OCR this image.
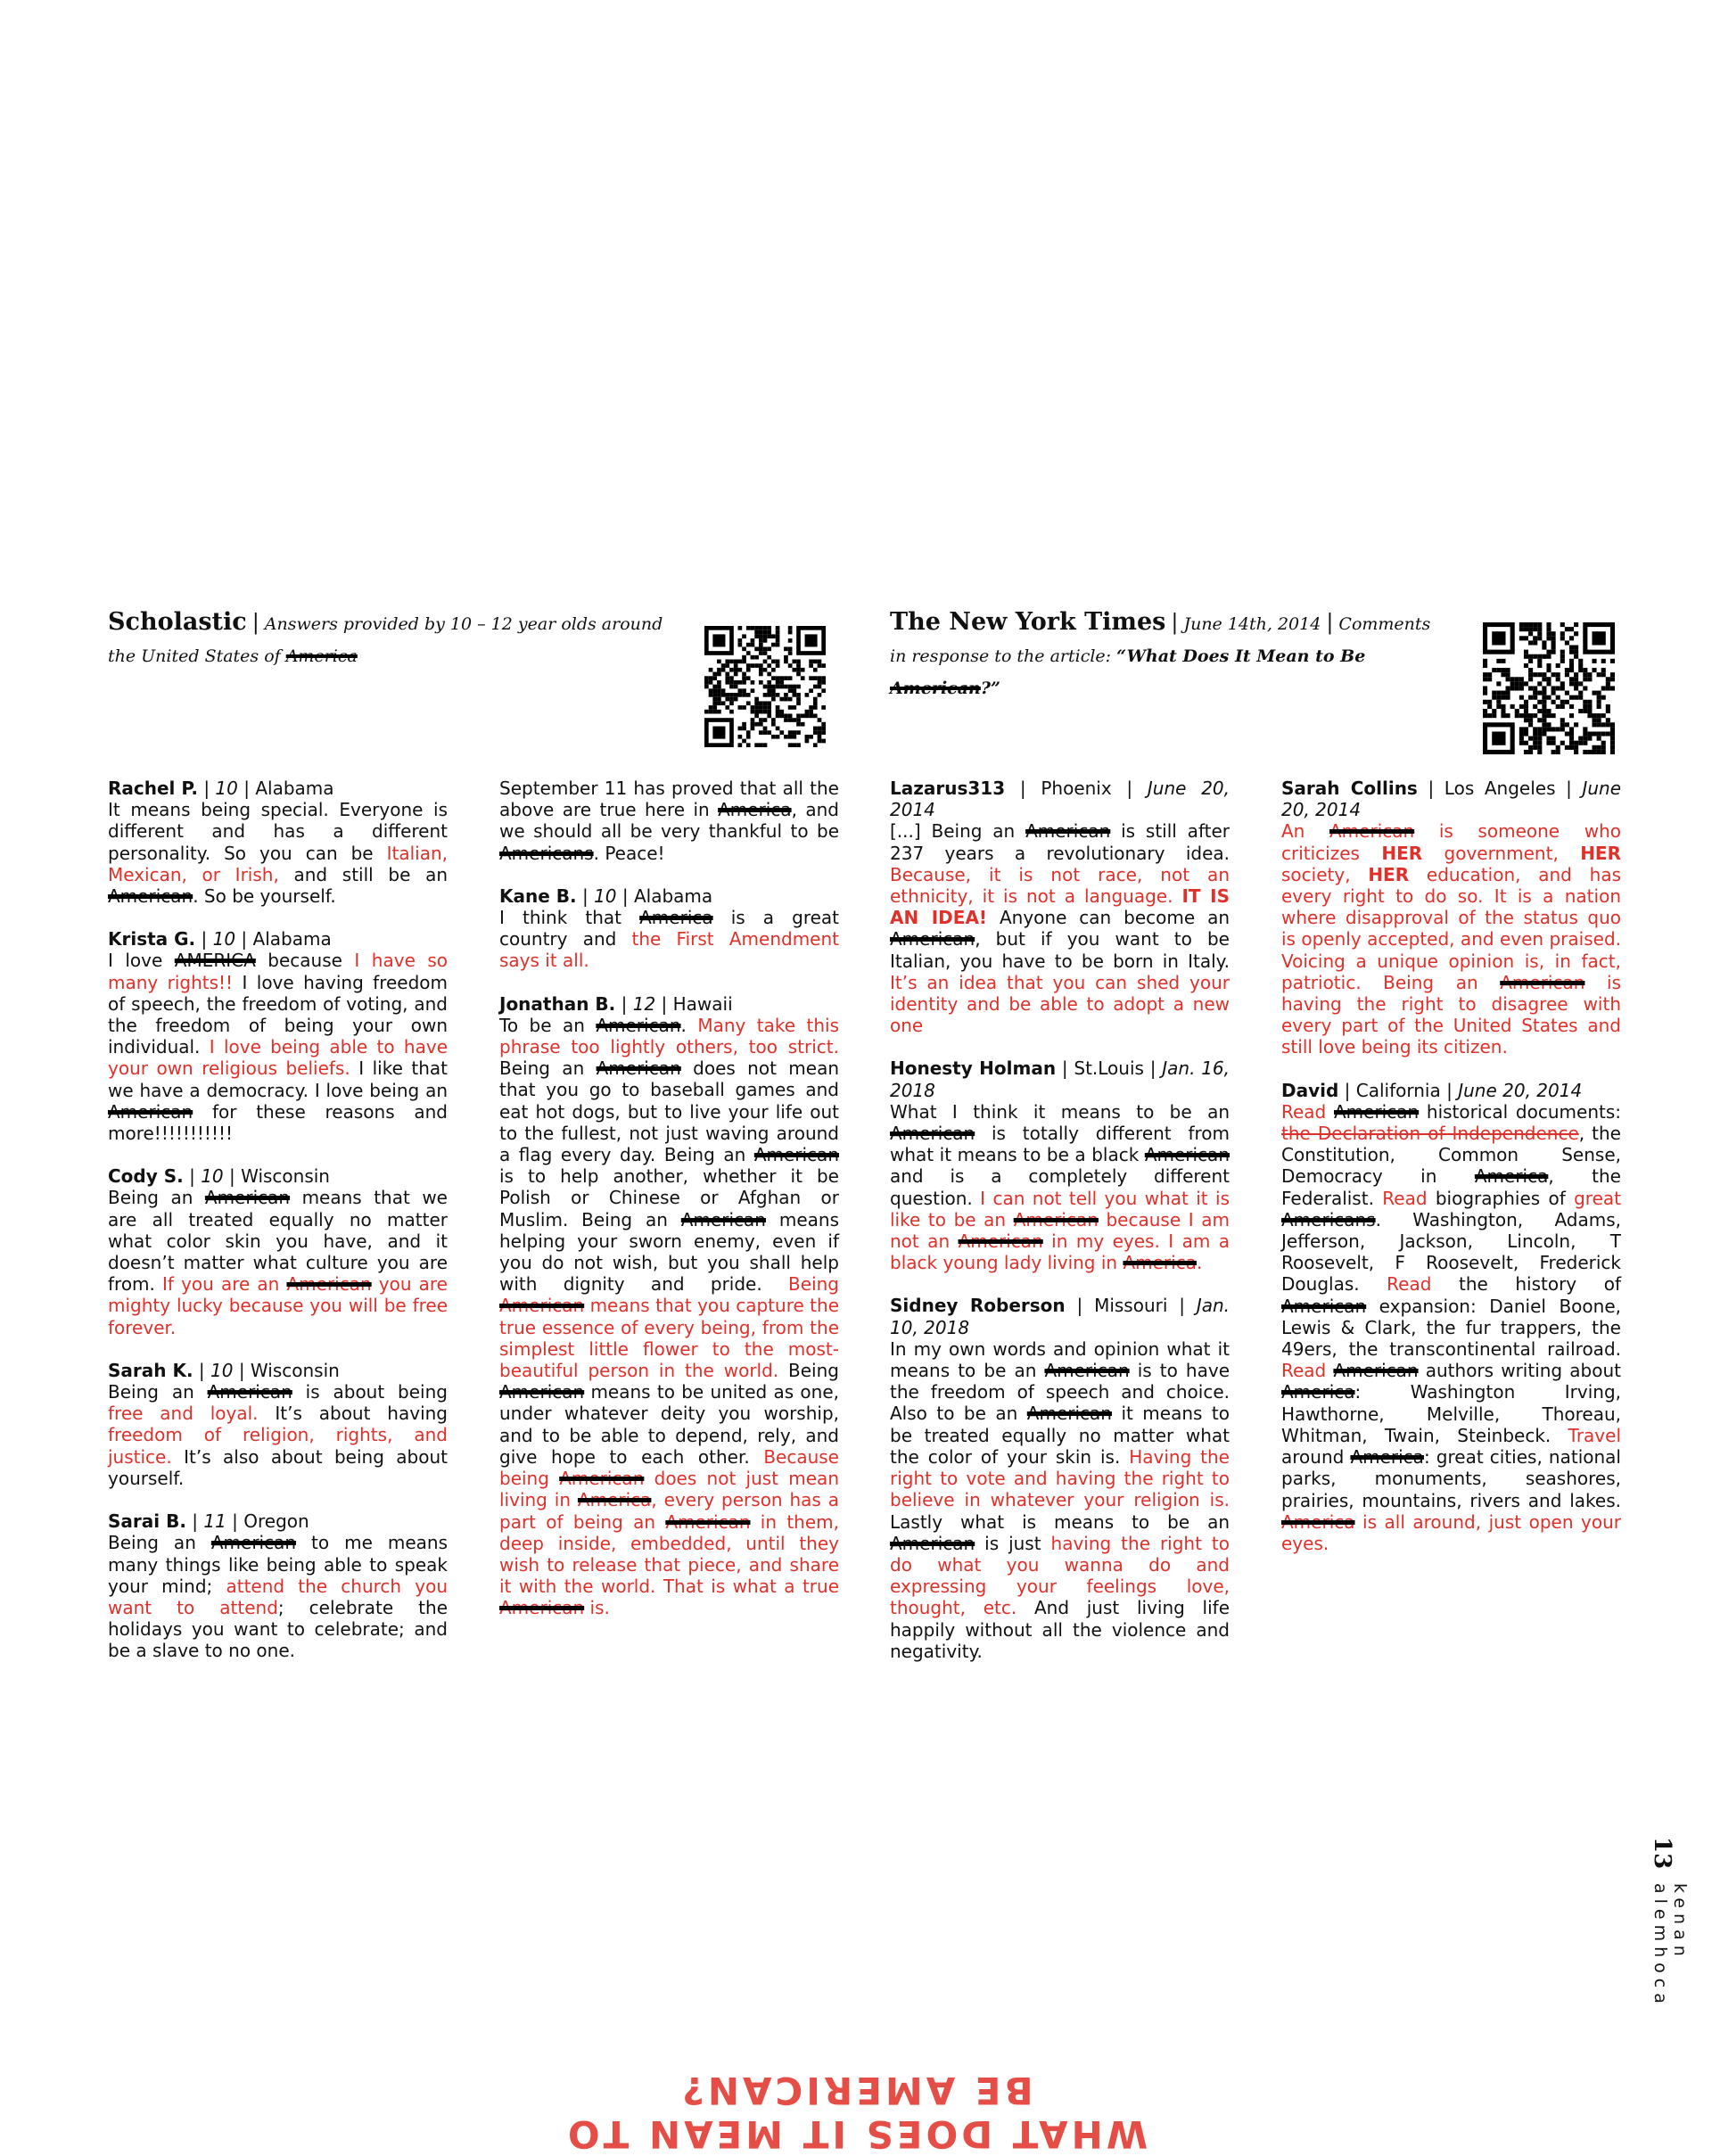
Scholastic | Answers provided by 10 – 12 year olds around the United States of America
The New York Times | June 14th, 2014 | Comments in response to the article: “What Does It Mean to Be American?”
Rachel P. | 10 | Alabama
It means being special. Everyone is different and has a different personality. So you can be Italian, Mexican, or Irish, and still be an American. So be yourself.
Krista G. | 10 | Alabama
I love AMERICA because I have so many rights!! I love having freedom of speech, the freedom of voting, and the freedom of being your own individual. I love being able to have your own religious beliefs. I like that we have a democracy. I love being an American for these reasons and more!!!!!!!!!!!
Cody S. | 10 | Wisconsin
Being an American means that we are all treated equally no matter what color skin you have, and it doesn’t matter what culture you are from. If you are an American you are mighty lucky because you will be free forever.
Sarah K. | 10 | Wisconsin
Being an American is about being free and loyal. It’s about having freedom of religion, rights, and justice. It’s also about being about yourself.
Sarai B. | 11 | Oregon
Being an American to me means many things like being able to speak your mind; attend the church you want to attend; celebrate the holidays you want to celebrate; and be a slave to no one.
September 11 has proved that all the above are true here in America, and we should all be very thankful to be Americans. Peace!
Kane B. | 10 | Alabama
I think that America is a great country and the First Amendment says it all.
Jonathan B. | 12 | Hawaii
To be an American. Many take this phrase too lightly others, too strict. Being an American does not mean that you go to baseball games and eat hot dogs, but to live your life out to the fullest, not just waving around a flag every day. Being an American is to help another, whether it be Polish or Chinese or Afghan or Muslim. Being an American means helping your sworn enemy, even if you do not wish, but you shall help with dignity and pride. Being American means that you capture the true essence of every being, from the simplest little flower to the most-beautiful person in the world. Being American means to be united as one, under whatever deity you worship, and to be able to depend, rely, and give hope to each other. Because being American does not just mean living in America, every person has a part of being an American in them, deep inside, embedded, until they wish to release that piece, and share it with the world. That is what a true American is.
Lazarus313 | Phoenix | June 20, 2014
[...] Being an American is still after 237 years a revolutionary idea. Because, it is not race, not an ethnicity, it is not a language. IT IS AN IDEA! Anyone can become an American, but if you want to be Italian, you have to be born in Italy. It’s an idea that you can shed your identity and be able to adopt a new one
Honesty Holman | St.Louis | Jan. 16, 2018
What I think it means to be an American is totally different from what it means to be a black American and is a completely different question. I can not tell you what it is like to be an American because I am not an American in my eyes. I am a black young lady living in America.
Sidney Roberson | Missouri | Jan. 10, 2018
In my own words and opinion what it means to be an American is to have the freedom of speech and choice. Also to be an American it means to be treated equally no matter what the color of your skin is. Having the right to vote and having the right to believe in whatever your religion is. Lastly what is means to be an American is just having the right to do what you wanna do and expressing your feelings love, thought, etc. And just living life happily without all the violence and negativity.
Sarah Collins | Los Angeles | June 20, 2014
An American is someone who criticizes HER government, HER society, HER education, and has every right to do so. It is a nation where disapproval of the status quo is openly accepted, and even praised. Voicing a unique opinion is, in fact, patriotic. Being an American is having the right to disagree with every part of the United States and still love being its citizen.
David | California | June 20, 2014
Read American historical documents: the Declaration of Independence, the Constitution, Common Sense, Democracy in America, the Federalist. Read biographies of great Americans. Washington, Adams, Jefferson, Jackson, Lincoln, T Roosevelt, F Roosevelt, Frederick Douglas. Read the history of American expansion: Daniel Boone, Lewis & Clark, the fur trappers, the 49ers, the transcontinental railroad. Read American authors writing about America: Washington Irving, Hawthorne, Melville, Thoreau, Whitman, Twain, Steinbeck. Travel around America: great cities, national parks, monuments, seashores, prairies, mountains, rivers and lakes. America is all around, just open your eyes.
13
kenan alemhoca
WHAT DOES IT MEAN TO BE AMERICAN?
